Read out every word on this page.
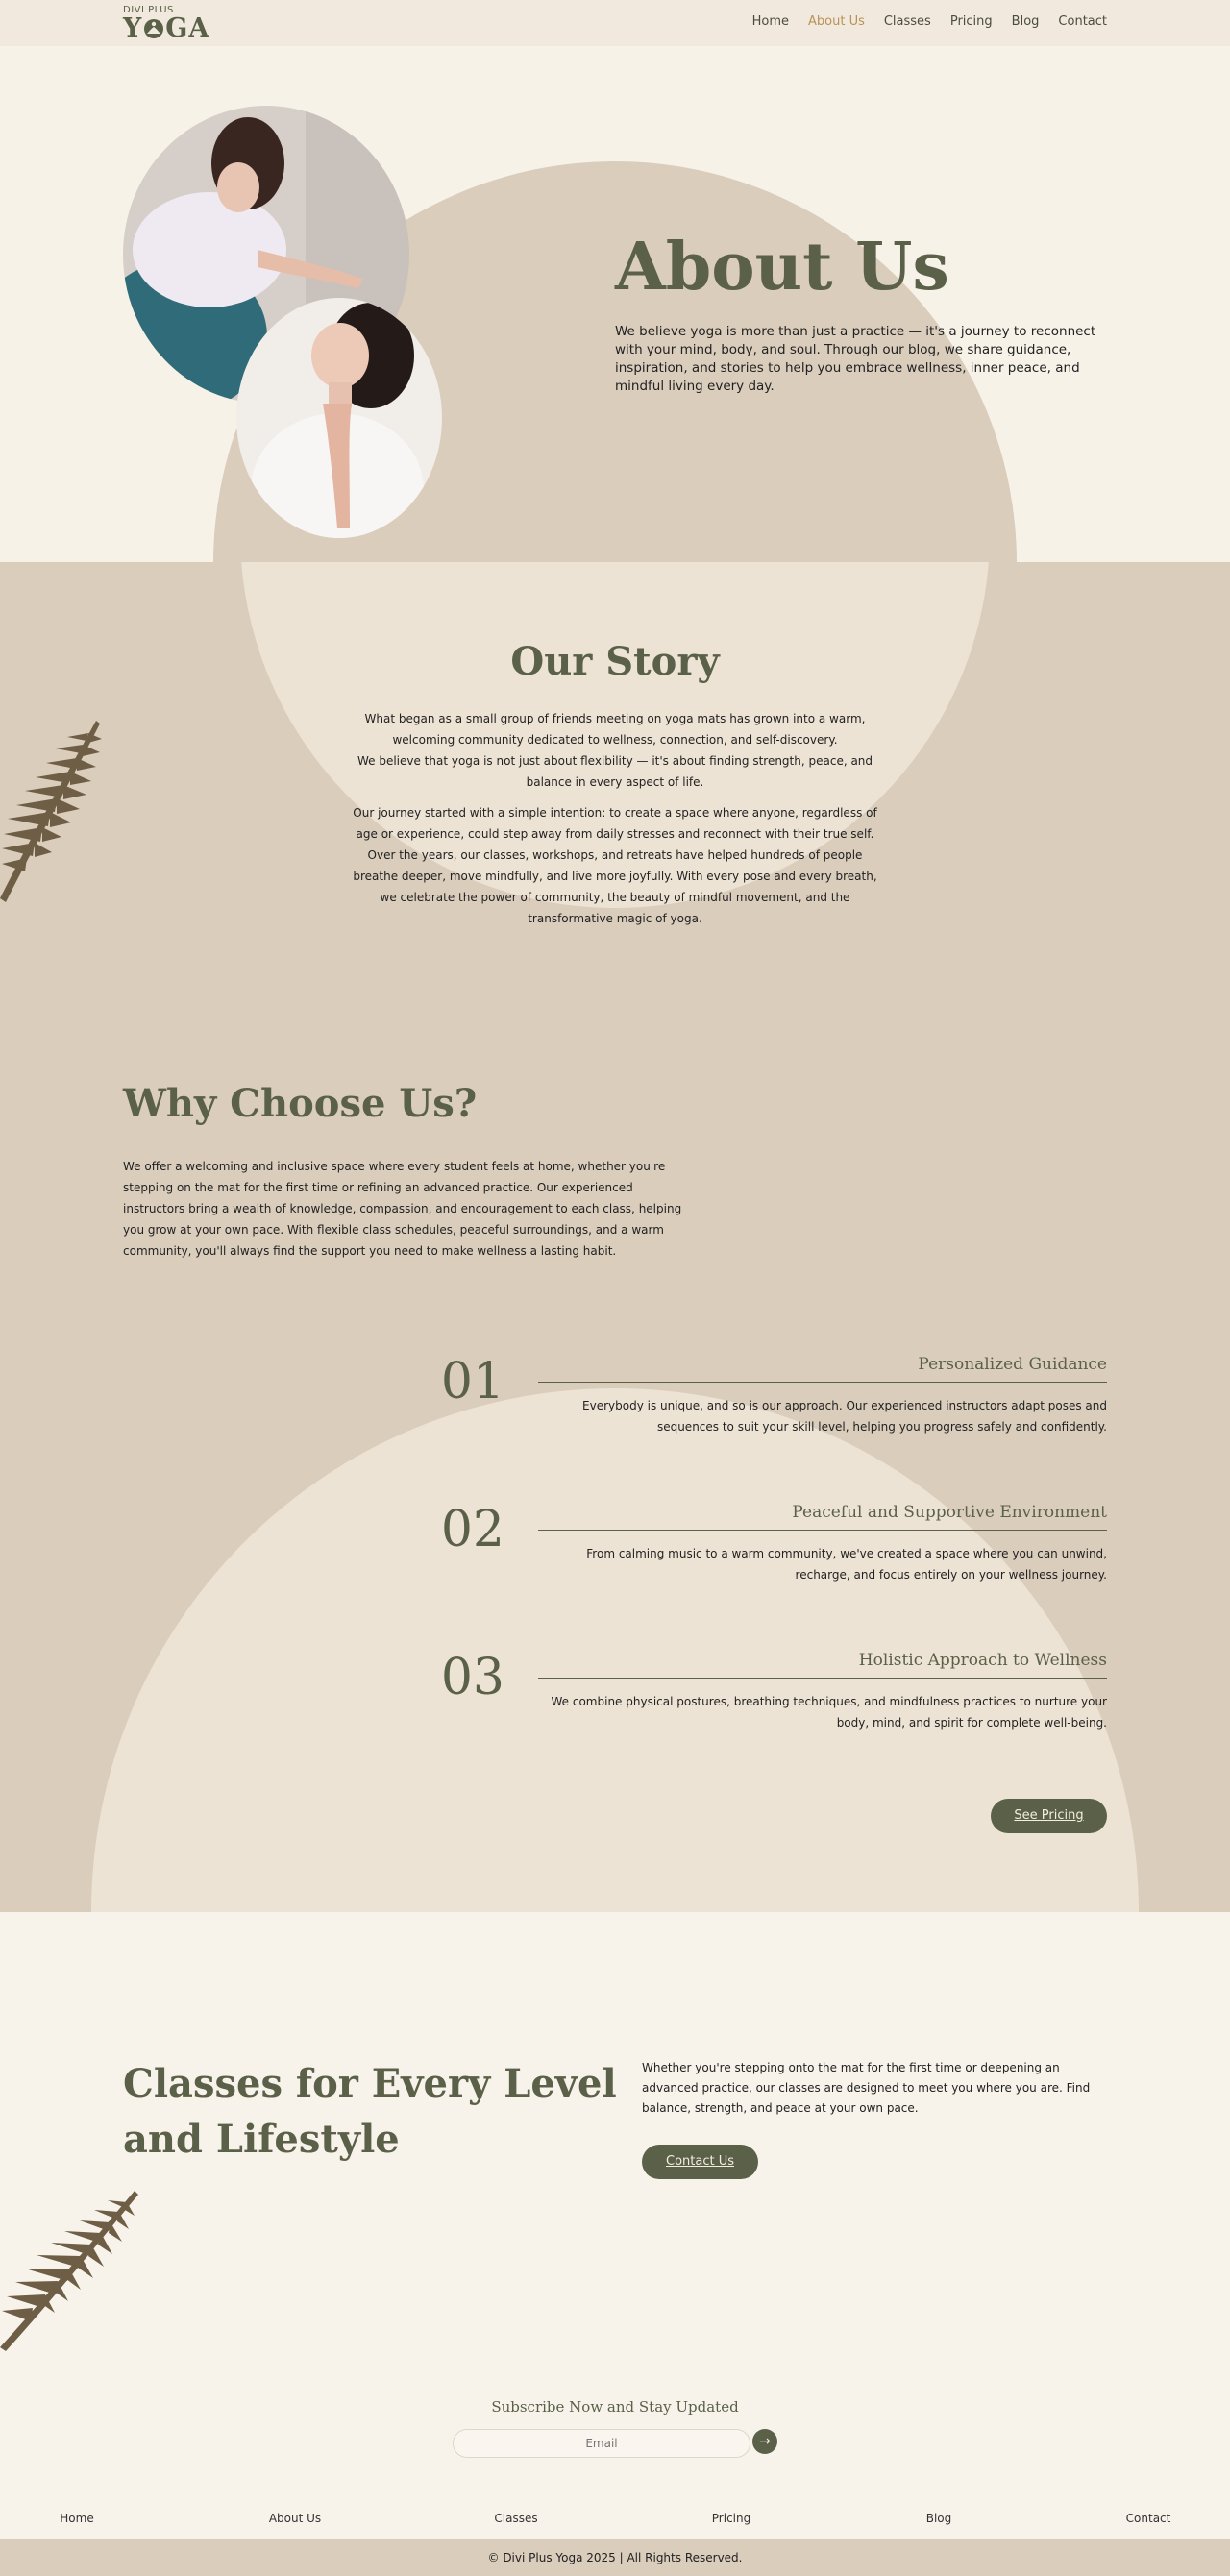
DIVI PLUS
Y GA	Home About Us Classes Pricing Blog Contact
About Us

We believe yoga is more than just a practice — it's a journey to reconnect with your mind, body, and soul. Through our blog, we share guidance, inspiration, and stories to help you embrace wellness, inner peace, and mindful living every day.

Our Story

What began as a small group of friends meeting on yoga mats has grown into a warm, welcoming community dedicated to wellness, connection, and self-discovery.
We believe that yoga is not just about flexibility — it's about finding strength, peace, and balance in every aspect of life.

Our journey started with a simple intention: to create a space where anyone, regardless of age or experience, could step away from daily stresses and reconnect with their true self. Over the years, our classes, workshops, and retreats have helped hundreds of people breathe deeper, move mindfully, and live more joyfully. With every pose and every breath, we celebrate the power of community, the beauty of mindful movement, and the transformative magic of yoga.

Why Choose Us?

We offer a welcoming and inclusive space where every student feels at home, whether you're stepping on the mat for the first time or refining an advanced practice. Our experienced instructors bring a wealth of knowledge, compassion, and encouragement to each class, helping you grow at your own pace. With flexible class schedules, peaceful surroundings, and a warm community, you'll always find the support you need to make wellness a lasting habit.

01	Personalized Guidance
Everybody is unique, and so is our approach. Our experienced instructors adapt poses and sequences to suit your skill level, helping you progress safely and confidently.
02	Peaceful and Supportive Environment
From calming music to a warm community, we've created a space where you can unwind, recharge, and focus entirely on your wellness journey.
03	Holistic Approach to Wellness
We combine physical postures, breathing techniques, and mindfulness practices to nurture your body, mind, and spirit for complete well-being.
See Pricing
Classes for Every Level and Lifestyle

Whether you're stepping onto the mat for the first time or deepening an advanced practice, our classes are designed to meet you where you are. Find balance, strength, and peace at your own pace.

Contact Us
Subscribe Now and Stay Updated
Email
→
Home	About Us	Classes	Pricing	Blog	Contact
© Divi Plus Yoga 2025 | All Rights Reserved.
